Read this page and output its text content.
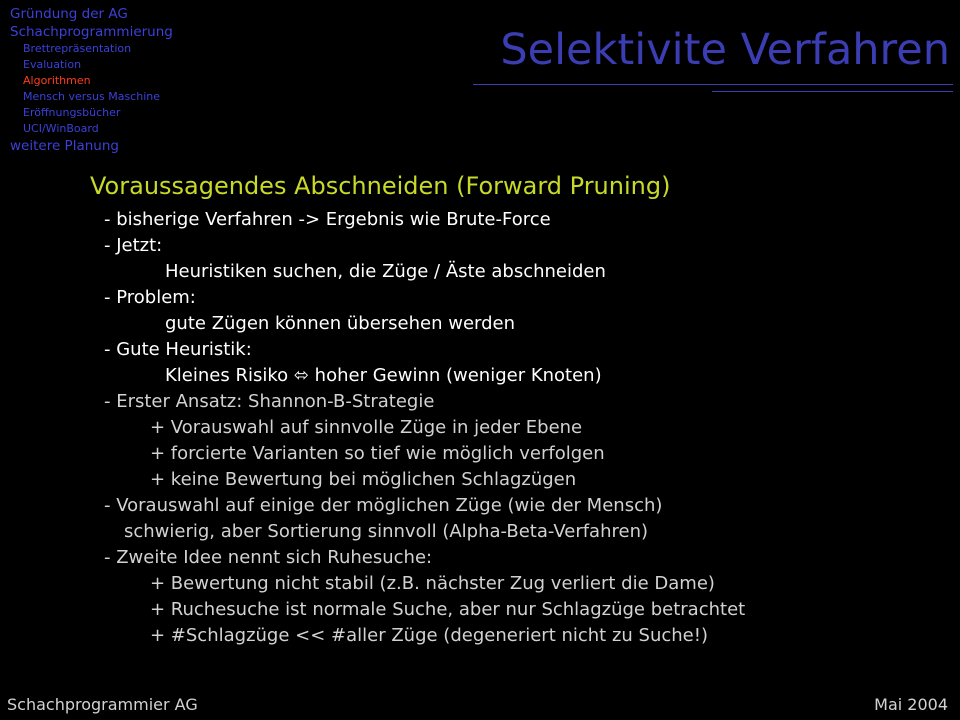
Gründung der AG
Schachprogrammierung
Brettrepräsentation
Evaluation
Algorithmen
Mensch versus Maschine
Eröffnungsbücher
UCI/WinBoard
weitere Planung
Selektivite Verfahren
Voraussagendes Abschneiden (Forward Pruning)
- bisherige Verfahren -> Ergebnis wie Brute-Force
- Jetzt:
Heuristiken suchen, die Züge / Äste abschneiden
- Problem:
gute Zügen können übersehen werden
- Gute Heuristik:
Kleines Risiko ⬄ hoher Gewinn (weniger Knoten)
- Erster Ansatz: Shannon-B-Strategie
+ Vorauswahl auf sinnvolle Züge in jeder Ebene
+ forcierte Varianten so tief wie möglich verfolgen
+ keine Bewertung bei möglichen Schlagzügen
- Vorauswahl auf einige der möglichen Züge (wie der Mensch)
schwierig, aber Sortierung sinnvoll (Alpha-Beta-Verfahren)
- Zweite Idee nennt sich Ruhesuche:
+ Bewertung nicht stabil (z.B. nächster Zug verliert die Dame)
+ Ruchesuche ist normale Suche, aber nur Schlagzüge betrachtet
+ #Schlagzüge << #aller Züge (degeneriert nicht zu Suche!)
Schachprogrammier AG	Mai 2004
